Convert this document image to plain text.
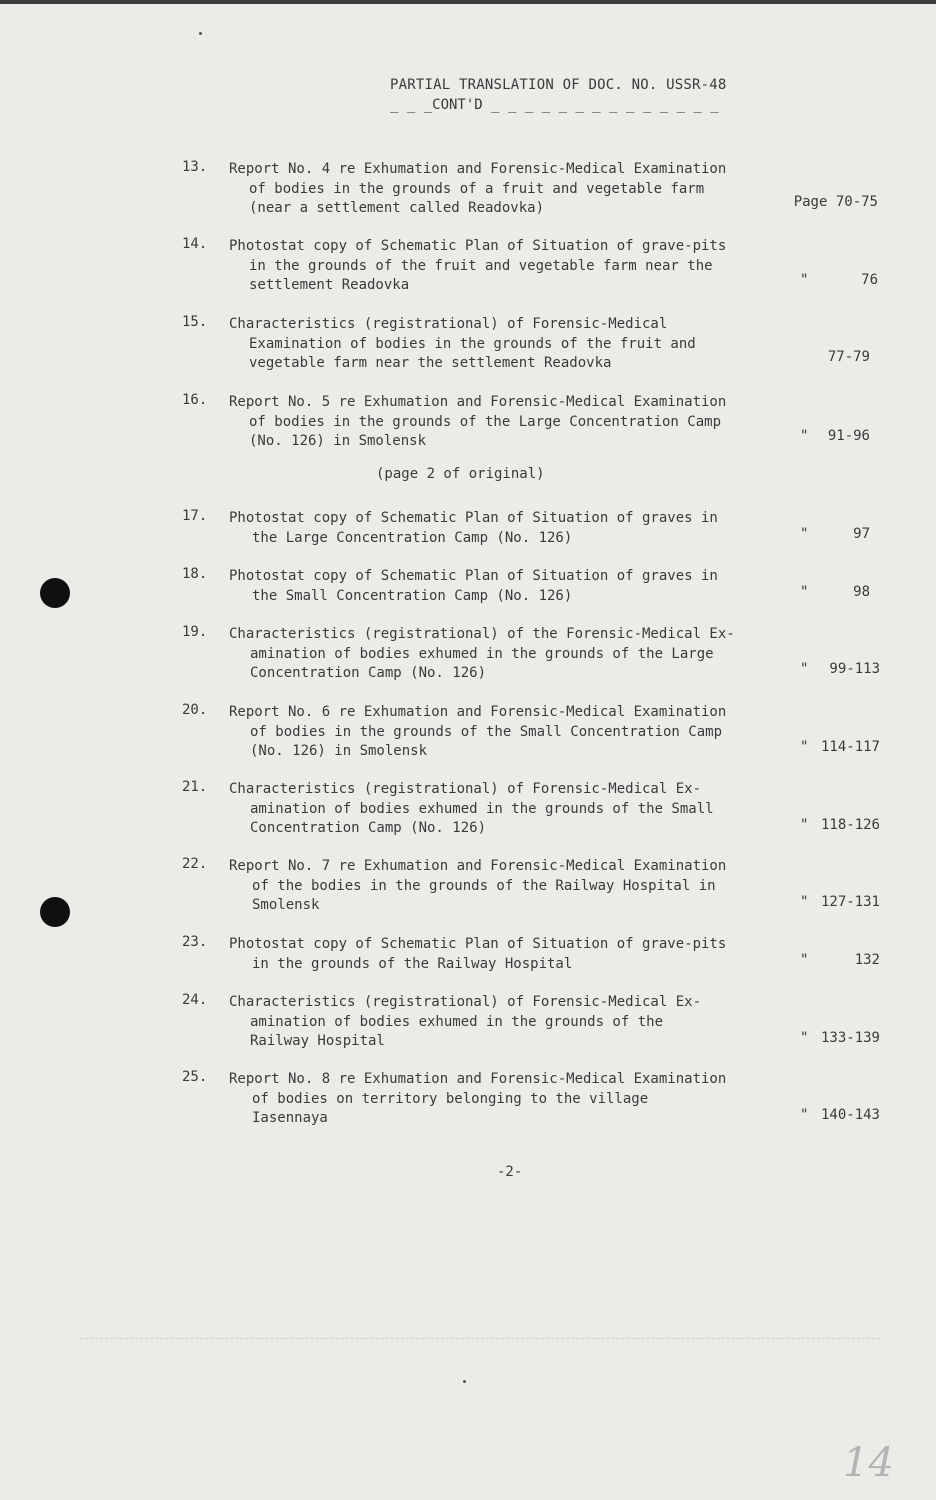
PARTIAL TRANSLATION OF DOC. NO. USSR-48
_ _ _CONT'D _ _ _ _ _ _ _ _ _ _ _ _ _ _
13. Report No. 4 re Exhumation and Forensic-Medical Examination
of bodies in the grounds of a fruit and vegetable farm
(near a settlement called Readovka)	Page 70-75
14. Photostat copy of Schematic Plan of Situation of grave-pits
in the grounds of the fruit and vegetable farm near the
settlement Readovka	"	76
15. Characteristics (registrational) of Forensic-Medical
Examination of bodies in the grounds of the fruit and
vegetable farm near the settlement Readovka	77-79
16. Report No. 5 re Exhumation and Forensic-Medical Examination
of bodies in the grounds of the Large Concentration Camp
(No. 126) in Smolensk	" 91-96
17. Photostat copy of Schematic Plan of Situation of graves in
the Large Concentration Camp (No. 126)	"	97
18. Photostat copy of Schematic Plan of Situation of graves in
the Small Concentration Camp (No. 126)	"	98
19. Characteristics (registrational) of the Forensic-Medical Ex-
amination of bodies exhumed in the grounds of the Large
Concentration Camp (No. 126)	" 99-113
20. Report No. 6 re Exhumation and Forensic-Medical Examination
of bodies in the grounds of the Small Concentration Camp
(No. 126) in Smolensk	" 114-117
21. Characteristics (registrational) of Forensic-Medical Ex-
amination of bodies exhumed in the grounds of the Small
Concentration Camp (No. 126)	" 118-126
22. Report No. 7 re Exhumation and Forensic-Medical Examination
of the bodies in the grounds of the Railway Hospital in
Smolensk	" 127-131
23. Photostat copy of Schematic Plan of Situation of grave-pits
in the grounds of the Railway Hospital	"	132
24. Characteristics (registrational) of Forensic-Medical Ex-
amination of bodies exhumed in the grounds of the
Railway Hospital	" 133-139
25. Report No. 8 re Exhumation and Forensic-Medical Examination
of bodies on territory belonging to the village
Iasennaya	" 140-143
(page 2 of original)
-2-
14
